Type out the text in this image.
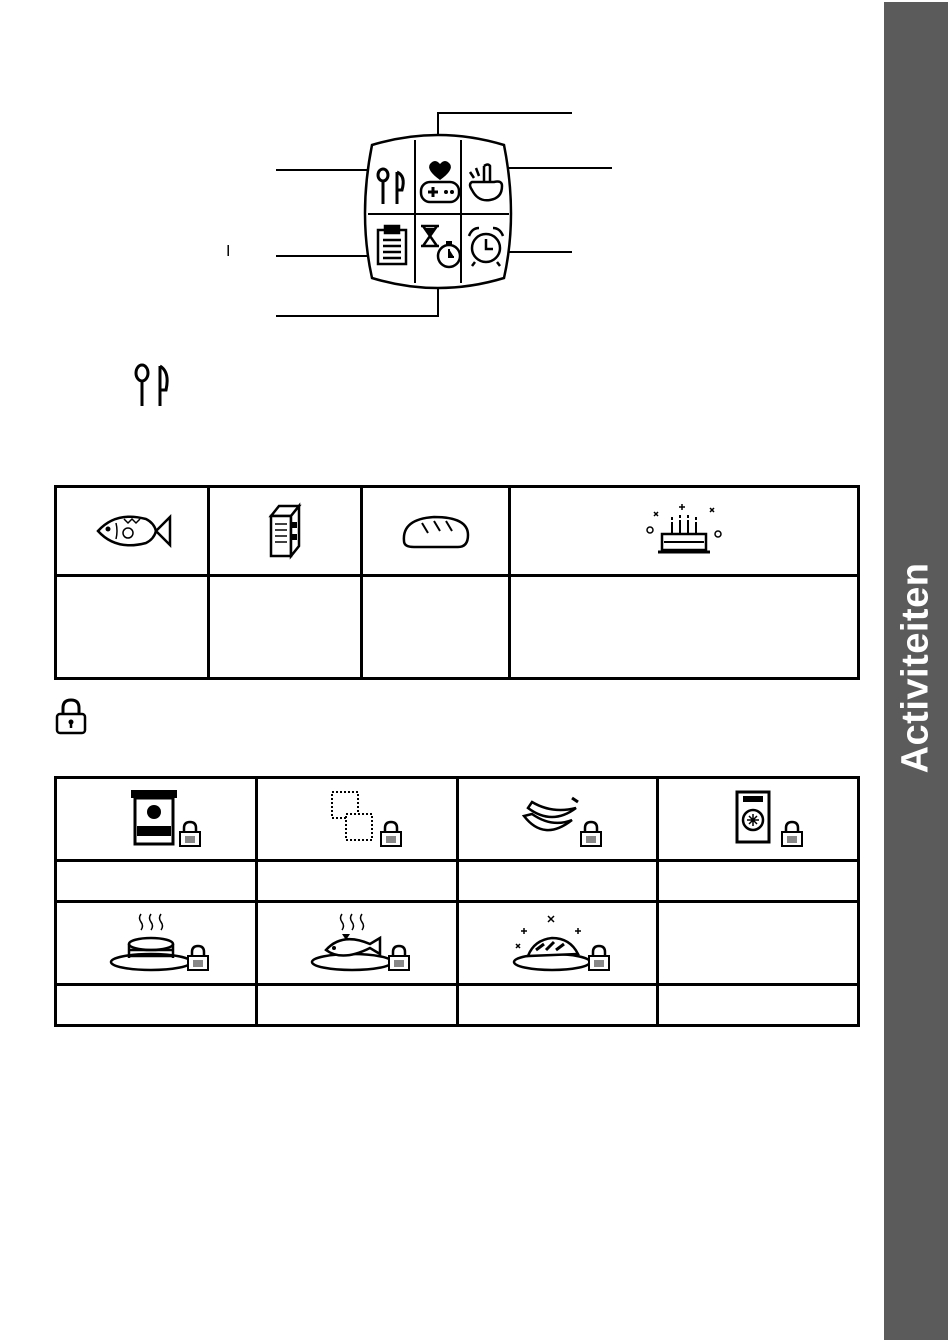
Activiteiten
I
